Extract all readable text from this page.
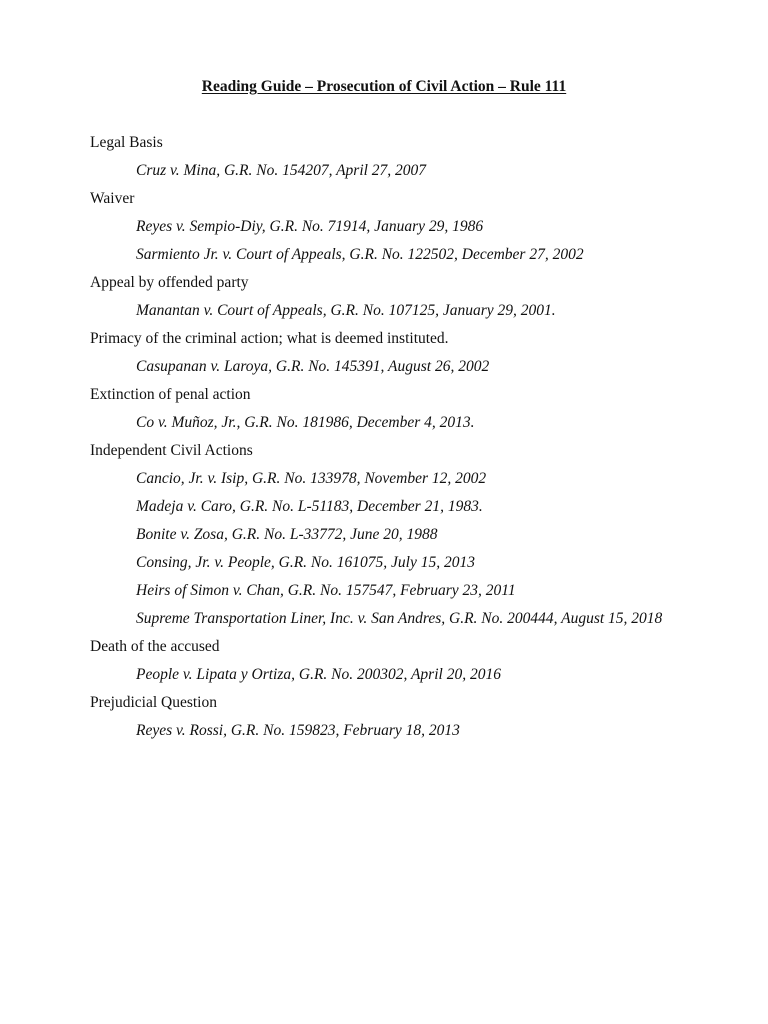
Reading Guide – Prosecution of Civil Action – Rule 111

Legal Basis

Cruz v. Mina, G.R. No. 154207, April 27, 2007

Waiver

Reyes v. Sempio-Diy, G.R. No. 71914, January 29, 1986

Sarmiento Jr. v. Court of Appeals, G.R. No. 122502, December 27, 2002

Appeal by offended party

Manantan v. Court of Appeals, G.R. No. 107125, January 29, 2001.

Primacy of the criminal action; what is deemed instituted.

Casupanan v. Laroya, G.R. No. 145391, August 26, 2002

Extinction of penal action

Co v. Muñoz, Jr., G.R. No. 181986, December 4, 2013.

Independent Civil Actions

Cancio, Jr. v. Isip, G.R. No. 133978, November 12, 2002

Madeja v. Caro, G.R. No. L-51183, December 21, 1983.

Bonite v. Zosa, G.R. No. L-33772, June 20, 1988

Consing, Jr. v. People, G.R. No. 161075, July 15, 2013

Heirs of Simon v. Chan, G.R. No. 157547, February 23, 2011

Supreme Transportation Liner, Inc. v. San Andres, G.R. No. 200444, August 15, 2018

Death of the accused

People v. Lipata y Ortiza, G.R. No. 200302, April 20, 2016

Prejudicial Question

Reyes v. Rossi, G.R. No. 159823, February 18, 2013
